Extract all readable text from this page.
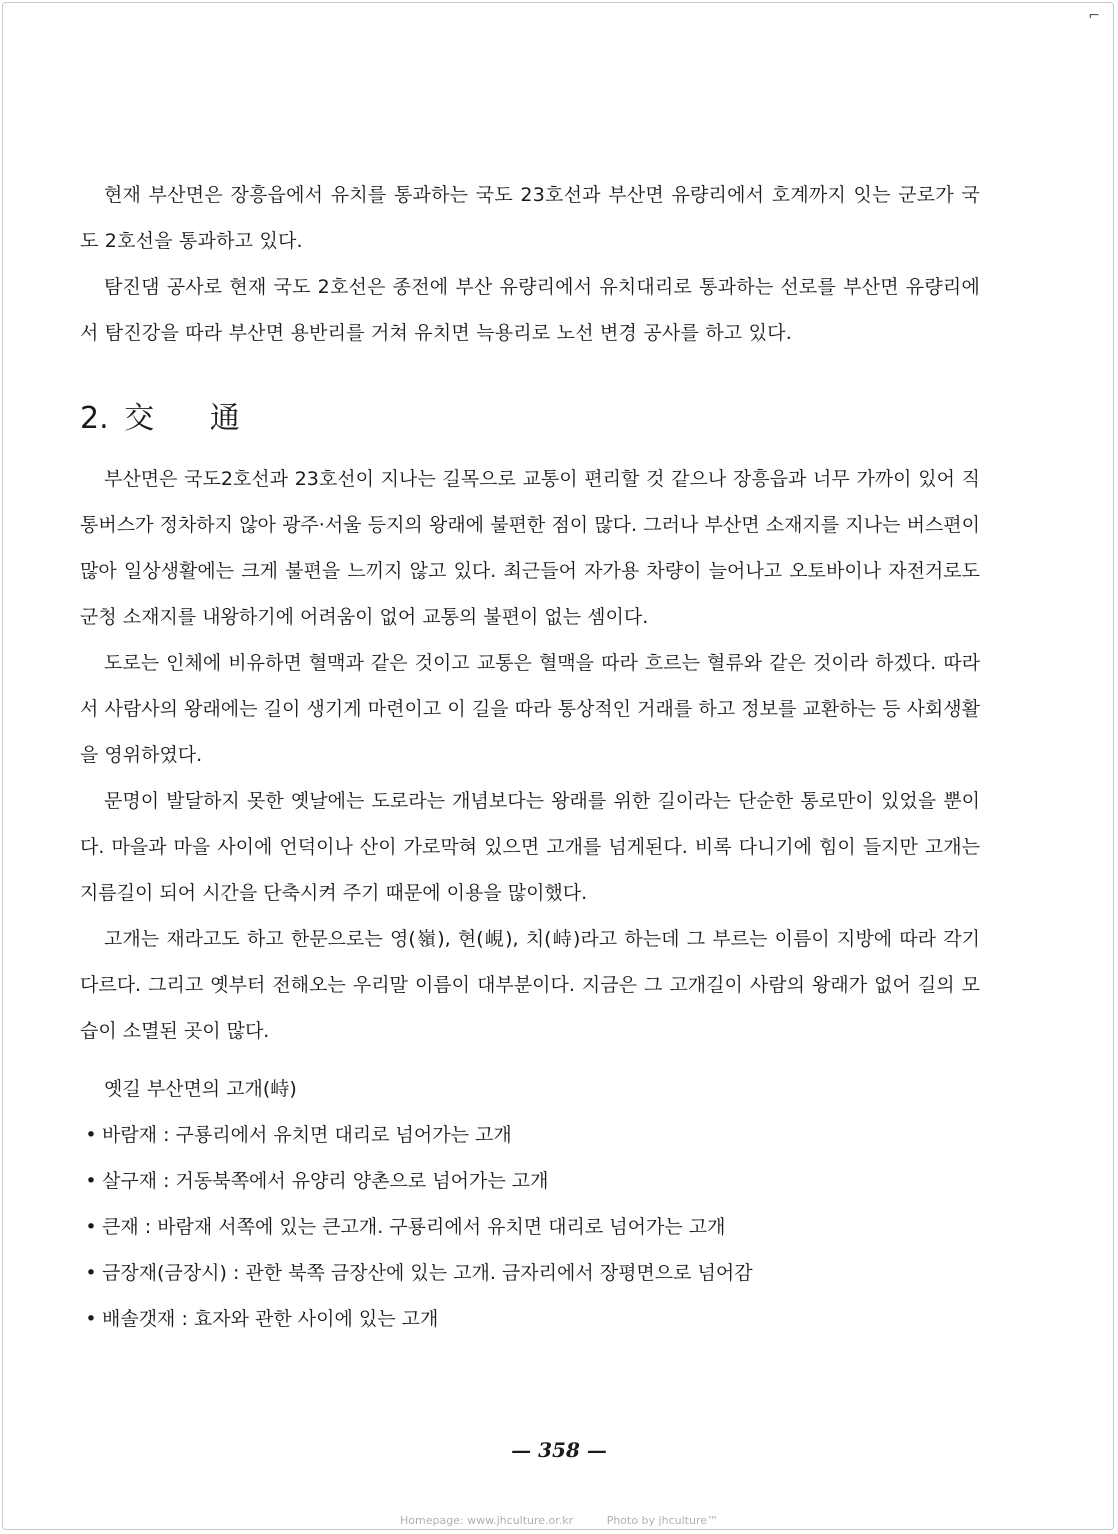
⌐

현재 부산면은 장흥읍에서 유치를 통과하는 국도 23호선과 부산면 유량리에서 호계까지 잇는 군로가 국도 2호선을 통과하고 있다.

탐진댐 공사로 현재 국도 2호선은 종전에 부산 유량리에서 유치대리로 통과하는 선로를 부산면 유량리에서 탐진강을 따라 부산면 용반리를 거쳐 유치면 늑용리로 노선 변경 공사를 하고 있다.

2. 交 通

부산면은 국도2호선과 23호선이 지나는 길목으로 교통이 편리할 것 같으나 장흥읍과 너무 가까이 있어 직통버스가 정차하지 않아 광주·서울 등지의 왕래에 불편한 점이 많다. 그러나 부산면 소재지를 지나는 버스편이 많아 일상생활에는 크게 불편을 느끼지 않고 있다. 최근들어 자가용 차량이 늘어나고 오토바이나 자전거로도 군청 소재지를 내왕하기에 어려움이 없어 교통의 불편이 없는 셈이다.

도로는 인체에 비유하면 혈맥과 같은 것이고 교통은 혈맥을 따라 흐르는 혈류와 같은 것이라 하겠다. 따라서 사람사의 왕래에는 길이 생기게 마련이고 이 길을 따라 통상적인 거래를 하고 정보를 교환하는 등 사회생활을 영위하였다.

문명이 발달하지 못한 옛날에는 도로라는 개념보다는 왕래를 위한 길이라는 단순한 통로만이 있었을 뿐이다. 마을과 마을 사이에 언덕이나 산이 가로막혀 있으면 고개를 넘게된다. 비록 다니기에 힘이 들지만 고개는 지름길이 되어 시간을 단축시켜 주기 때문에 이용을 많이했다.

고개는 재라고도 하고 한문으로는 영(嶺), 현(峴), 치(峙)라고 하는데 그 부르는 이름이 지방에 따라 각기 다르다. 그리고 옛부터 전해오는 우리말 이름이 대부분이다. 지금은 그 고개길이 사람의 왕래가 없어 길의 모습이 소멸된 곳이 많다.

옛길 부산면의 고개(峙)
• 바람재 : 구룡리에서 유치면 대리로 넘어가는 고개
• 살구재 : 거동북쪽에서 유양리 양촌으로 넘어가는 고개
• 큰재 : 바람재 서쪽에 있는 큰고개. 구룡리에서 유치면 대리로 넘어가는 고개
• 금장재(금장시) : 관한 북쪽 금장산에 있는 고개. 금자리에서 장평면으로 넘어감
• 배솔갯재 : 효자와 관한 사이에 있는 고개
— 358 —
Homepage: www.jhculture.or.kr	Photo by jhculture™
